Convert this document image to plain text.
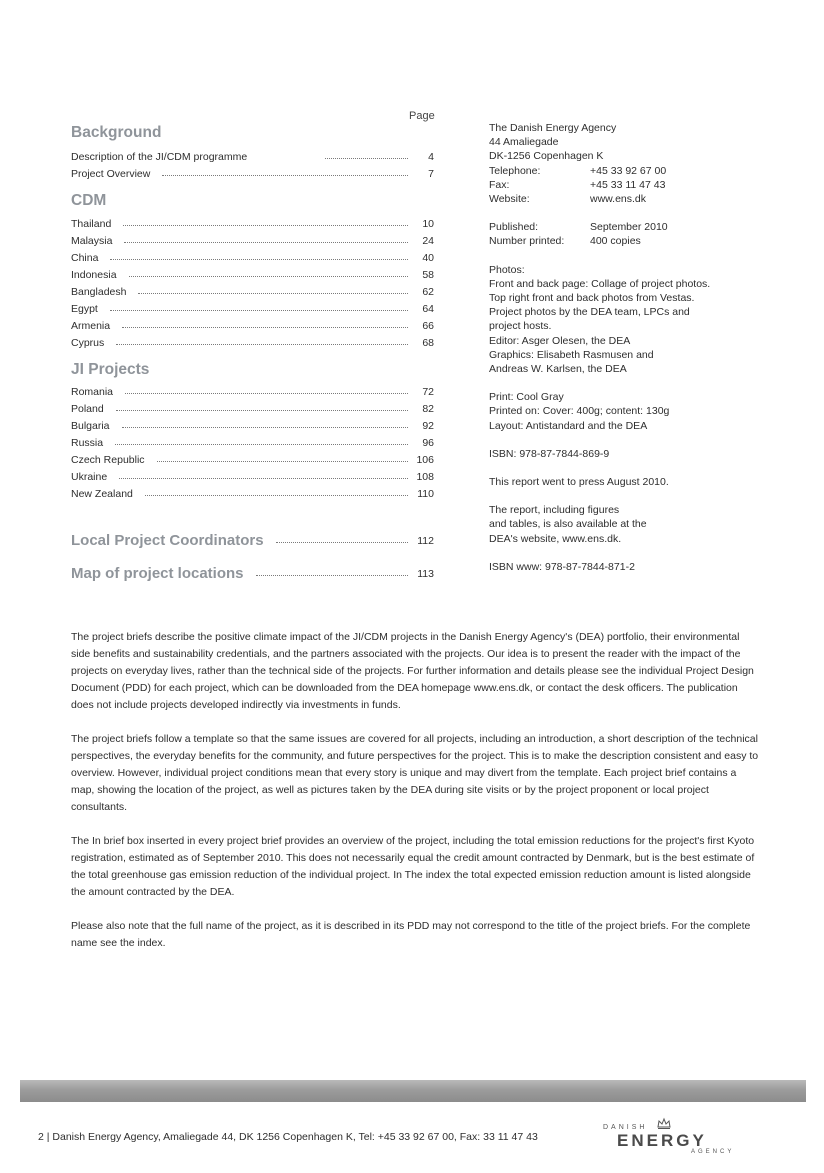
Page
Background
Description of the JI/CDM programme	4
Project Overview	7
CDM
Thailand	10
Malaysia	24
China	40
Indonesia	58
Bangladesh	62
Egypt	64
Armenia	66
Cyprus	68
JI Projects
Romania	72
Poland	82
Bulgaria	92
Russia	96
Czech Republic	106
Ukraine	108
New Zealand	110
Local Project Coordinators	112
Map of project locations	113
The Danish Energy Agency
44 Amaliegade
DK-1256 Copenhagen K
Telephone:	+45 33 92 67 00
Fax:	+45 33 11 47 43
Website:	www.ens.dk
Published:	September 2010
Number printed:	400 copies
Photos:
Front and back page: Collage of project photos.
Top right front and back photos from Vestas.
Project photos by the DEA team, LPCs and
project hosts.
Editor: Asger Olesen, the DEA
Graphics: Elisabeth Rasmusen and
Andreas W. Karlsen, the DEA
Print: Cool Gray
Printed on: Cover: 400g; content: 130g
Layout: Antistandard and the DEA
ISBN: 978-87-7844-869-9
This report went to press August 2010.
The report, including figures
and tables, is also available at the
DEA's website, www.ens.dk.
ISBN www: 978-87-7844-871-2

The project briefs describe the positive climate impact of the JI/CDM projects in the Danish Energy Agency's (DEA) portfolio, their environmental side benefits and sustainability credentials, and the partners associated with the projects. Our idea is to present the reader with the impact of the projects on everyday lives, rather than the technical side of the projects. For further information and details please see the individual Project Design Document (PDD) for each project, which can be downloaded from the DEA homepage www.ens.dk, or contact the desk officers. The publication does not include projects developed indirectly via investments in funds.

The project briefs follow a template so that the same issues are covered for all projects, including an introduction, a short description of the technical perspectives, the everyday benefits for the community, and future perspectives for the project. This is to make the description consistent and easy to overview. However, individual project conditions mean that every story is unique and may divert from the template. Each project brief contains a map, showing the location of the project, as well as pictures taken by the DEA during site visits or by the project proponent or local project consultants.

The In brief box inserted in every project brief provides an overview of the project, including the total emission reductions for the project's first Kyoto registration, estimated as of September 2010. This does not necessarily equal the credit amount contracted by Denmark, but is the best estimate of the total greenhouse gas emission reduction of the individual project. In The index the total expected emission reduction amount is listed alongside the amount contracted by the DEA.

Please also note that the full name of the project, as it is described in its PDD may not correspond to the title of the project briefs. For the complete name see the index.

2 | Danish Energy Agency, Amaliegade 44, DK 1256 Copenhagen K, Tel: +45 33 92 67 00, Fax: 33 11 47 43
DANISH
ENERGY
AGENCY
